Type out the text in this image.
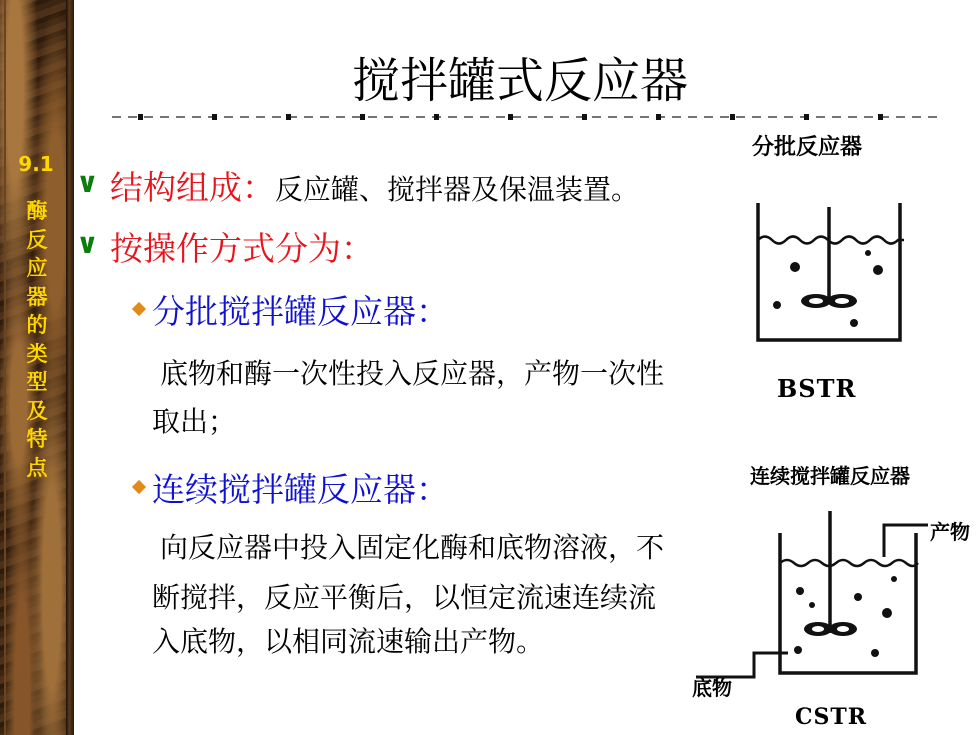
9.1
酶反应器的类型及特点
搅拌罐式反应器
∨ 结构组成：反应罐、搅拌器及保温装置。
∨ 按操作方式分为：
分批搅拌罐反应器：
底物和酶一次性投入反应器，产物一次性
取出；
连续搅拌罐反应器：
向反应器中投入固定化酶和底物溶液，不
断搅拌，反应平衡后，以恒定流速连续流
入底物，以相同流速输出产物。
分批反应器
BSTR
连续搅拌罐反应器
产物
底物
CSTR
